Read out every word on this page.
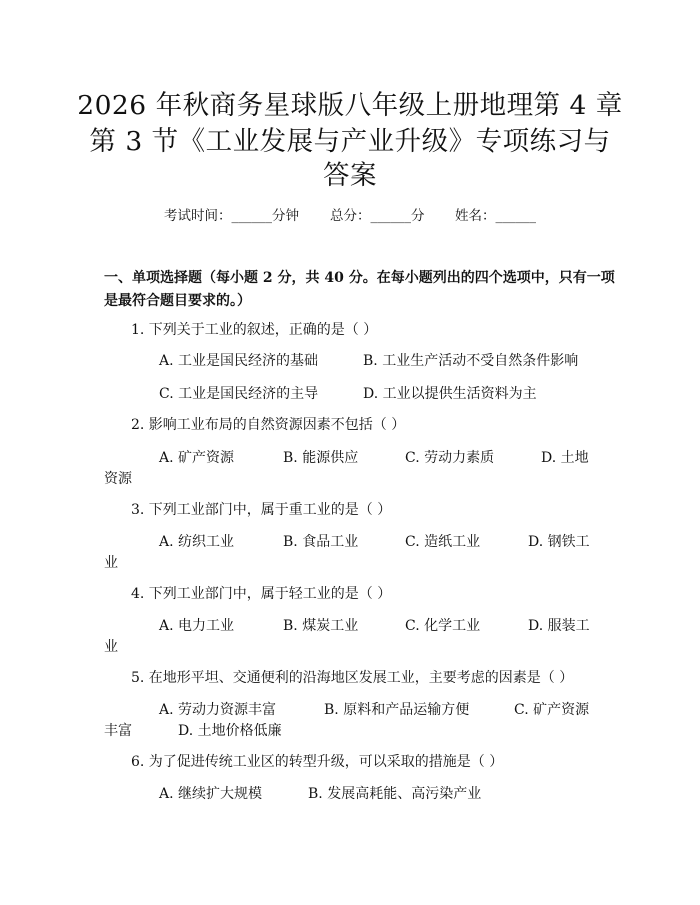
2026 年秋商务星球版八年级上册地理第 4 章
第 3 节《工业发展与产业升级》专项练习与
答案
考试时间：______分钟 总分：______分 姓名：______
一、单项选择题（每小题 2 分，共 40 分。在每小题列出的四个选项中，只有一项
是最符合题目要求的。）
1. 下列关于工业的叙述，正确的是（ ）
A. 工业是国民经济的基础	B. 工业生产活动不受自然条件影响
C. 工业是国民经济的主导	D. 工业以提供生活资料为主
2. 影响工业布局的自然资源因素不包括（ ）
A. 矿产资源	B. 能源供应	C. 劳动力素质	D. 土地
资源
3. 下列工业部门中，属于重工业的是（ ）
A. 纺织工业	B. 食品工业	C. 造纸工业	D. 钢铁工
业
4. 下列工业部门中，属于轻工业的是（ ）
A. 电力工业	B. 煤炭工业	C. 化学工业	D. 服装工
业
5. 在地形平坦、交通便利的沿海地区发展工业，主要考虑的因素是（ ）
A. 劳动力资源丰富	B. 原料和产品运输方便	C. 矿产资源
丰富	D. 土地价格低廉
6. 为了促进传统工业区的转型升级，可以采取的措施是（ ）
A. 继续扩大规模	B. 发展高耗能、高污染产业
